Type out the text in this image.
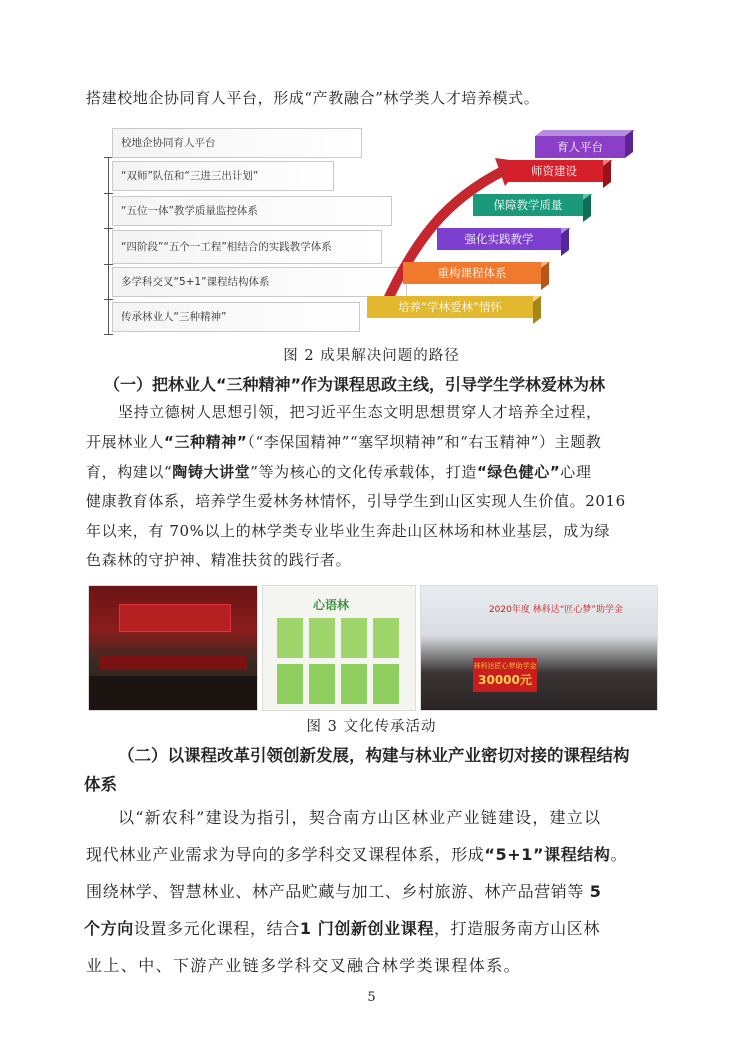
搭建校地企协同育人平台，形成“产教融合”林学类人才培养模式。
校地企协同育人平台
“双师”队伍和“三进三出计划”
“五位一体”教学质量监控体系
“四阶段”“五个一工程”相结合的实践教学体系
多学科交叉“5+1”课程结构体系
传承林业人“三种精神”
育人平台
师资建设
保障教学质量
强化实践教学
重构课程体系
培养“学林爱林”情怀
图 2 成果解决问题的路径
（一）把林业人“三种精神”作为课程思政主线，引导学生学林爱林为林
坚持立德树人思想引领，把习近平生态文明思想贯穿人才培养全过程，
开展林业人“三种精神”（“李保国精神”“塞罕坝精神”和“右玉精神”）主题教
育，构建以“陶铸大讲堂”等为核心的文化传承载体，打造“绿色健心”心理
健康教育体系，培养学生爱林务林情怀，引导学生到山区实现人生价值。2016
年以来，有 70%以上的林学类专业毕业生奔赴山区林场和林业基层，成为绿
色森林的守护神、精准扶贫的践行者。
心语林	2020年度 林科达“匠心梦”助学金
林科达匠心梦助学金
30000元
图 3 文化传承活动
（二）以课程改革引领创新发展，构建与林业产业密切对接的课程结构
体系
以“新农科”建设为指引，契合南方山区林业产业链建设，建立以
现代林业产业需求为导向的多学科交叉课程体系，形成“5+1”课程结构。
围绕林学、智慧林业、林产品贮藏与加工、乡村旅游、林产品营销等 5
个方向设置多元化课程，结合1 门创新创业课程，打造服务南方山区林
业上、中、下游产业链多学科交叉融合林学类课程体系。
5
